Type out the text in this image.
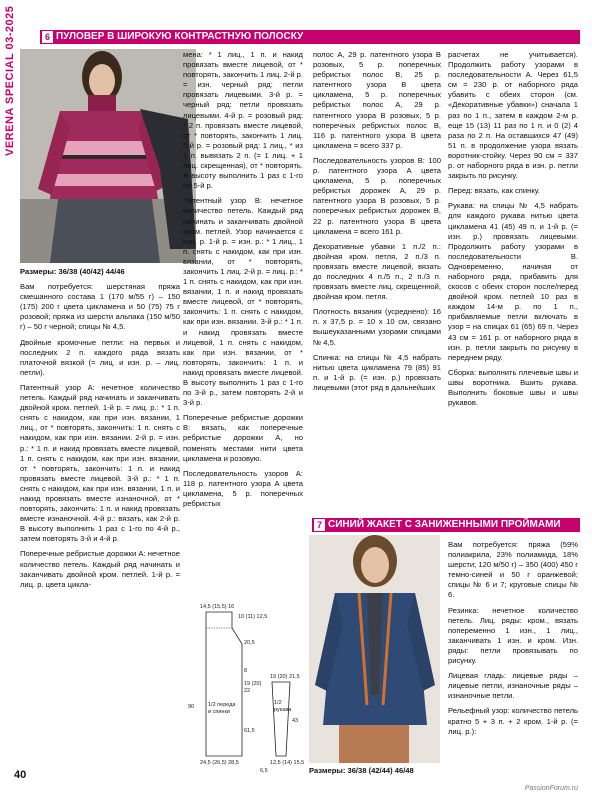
VERENA SPECIAL 03-2025	6 ПУЛОВЕР В ШИРОКУЮ КОНТРАСТНУЮ ПОЛОСКУ

Размеры: 36/38 (40/42) 44/46

Вам потребуется: шерстяная пряжа смешанного состава 1 (170 м/55 г) – 150 (175) 200 г цвета цикламена и 50 (75) 75 г розовой; пряжа из шерсти альпака (150 м/50 г) – 50 г черной; спицы № 4,5.

Двойные кромочные петли: на первых и последних 2 п. каждого ряда вязать платочной вязкой (= лиц. и изн. р. – лиц. петли).

Патентный узор А: нечетное количество петель. Каждый ряд начинать и заканчивать двойной кром. петлей. 1-й р. = лиц. р.: * 1 п. снять с накидом, как при изн. вязании, 1 лиц., от * повторять, закончить: 1 п. снять с накидом, как при изн. вязании. 2-й р. = изн. р.: * 1 п. и накид провязать вместе лицевой, 1 п. снять с накидом, как при изн. вязании, от * повторять, закончить: 1 п. и накид провязать вместе лицевой. 3-й р.: * 1 п. снять с накидом, как при изн. вязании, 1 п. и накид провязать вместе изнаночной, от * повторять, закончить: 1 п. и накид провязать вместе изнаночной. 4-й р.: вязать, как 2-й р. В высоту выполнить 1 раз с 1-го по 4-й р., затем повторять 3-й и 4-й р.

Поперечные ребристые дорожки А: нечетное количество петель. Каждый ряд начинать и заканчивать двойной кром. петлей. 1-й р. = лиц. р. цвета цикла-

мена: * 1 лиц., 1 п. и накид провязать вместе лицевой, от * повторять, закончить 1 лиц. 2-й р. = изн. черный ряд: петли провязать лицевыми. 3-й р. = черный ряд: петли провязать лицевыми. 4-й р. = розовый ряд: * 2 п. провязать вместе лицевой, от * повторять, закончить 1 лиц. 5-й р. = розовый ряд: 1 лиц., * из 1 п. вывязать 2 п. (= 1 лиц. + 1 лиц. скрещенная), от * повторять. В высоту выполнить 1 раз с 1-го по 5-й р.

Патентный узор В: нечетное количество петель. Каждый ряд начинать и заканчивать двойной кром. петлей. Узор начинается с изн. р. 1-й р. = изн. р.: * 1 лиц., 1 п. снять с накидом, как при изн. вязании, от * повторять, закончить 1 лиц. 2-й р. = лиц. р.: * 1 п. снять с накидом, как при изн. вязании, 1 п. и накид провязать вместе лицевой, от * повторять, закончить: 1 п. снять с накидом, как при изн. вязании. 3-й р.: * 1 п. и накид провязать вместе лицевой, 1 п. снять с накидом, как при изн. вязании, от * повторять, закончить: 1 п. и накид провязать вместе лицевой. В высоту выполнить 1 раз с 1-го по 3-й р., затем повторять 2-й и 3-й р.

Поперечные ребристые дорожки В: вязать, как поперечные ребристые дорожки А, но поменять местами нити цвета цикламена и розовую.

Последовательность узоров А: 118 р. патентного узора А цвета цикламена, 5 р. поперечных ребристых

14,5 (15,5) 16
10 (11) 12,5
20,5
8
90	1/2 переда и спинки
19 (20) 22
61,5
24,5 (26,5) 28,5
1/2 рукава
19 (20) 21,5
43
12,5 (14) 15,5
6,5

полос А, 29 р. патентного узора В розовых, 5 р. поперечных ребристых полос В, 25 р. патентного узора В цвета цикламена, 5 р. поперечных ребристых полос А, 29 р. патентного узора В розовых, 5 р. поперечных ребристых полос В, 116 р. патентного узора В цвета цикламена = всего 337 р.

Последовательность узоров В: 100 р. патентного узора А цвета цикламена, 5 р. поперечных ребристых дорожек А, 29 р. патентного узора В розовых, 5 р. поперечных ребристых дорожек В, 22 р. патентного узора В цвета цикламена = всего 161 р.

Декоративные убавки 1 п./2 п.: двойная кром. петля, 2 п./3 п. провязать вместе лицевой, вязать до последних 4 п./5 п., 2 п./3 п. провязать вместе лиц. скрещенной, двойная кром. петля.

Плотность вязания (усреднено): 16 п. x 37,5 р. = 10 x 10 см, связано вышеуказанными узорами спицами № 4,5.

Спинка: на спицы № 4,5 набрать нитью цвета цикламена 79 (85) 91 п. и 1-й р. (= изн. р.) провязать лицевыми (этот ряд в дальнейших

расчетах не учитывается). Продолжить работу узорами в последовательности А. Через 61,5 см = 230 р. от наборного ряда убавить с обеих сторон (см. «Декоративные убавки») сначала 1 раз по 1 п., затем в каждом 2-м р. еще 15 (13) 11 раз по 1 п. и 0 (2) 4 раза по 2 п. На оставшихся 47 (49) 51 п. в продолжение узора вязать воротник-стойку. Через 90 см = 337 р. от наборного ряда в изн. р. петли закрыть по рисунку.

Перед: вязать, как спинку.

Рукава: на спицы № 4,5 набрать для каждого рукава нитью цвета цикламена 41 (45) 49 п. и 1-й р. (= изн. р.) провязать лицевыми. Продолжить работу узорами в последовательности В. Одновременно, начиная от наборного ряда, прибавить для скосов с обеих сторон после/перед двойной кром. петлей 10 раз в каждом 14-м р. по 1 п., прибавляемые петли включать в узор = на спицах 61 (65) 69 п. Через 43 см = 161 р. от наборного ряда в изн. р. петли закрыть по рисунку в переднем ряду.

Сборка: выполнить плечевые швы и швы воротника. Вшить рукава. Выполнить боковые швы и швы рукавов.

7 СИНИЙ ЖАКЕТ С ЗАНИЖЕННЫМИ ПРОЙМАМИ
Размеры: 36/38 (42/44) 46/48

Вам потребуется: пряжа (59% полиакрила, 23% полиамида, 18% шерсти; 120 м/50 г) – 350 (400) 450 г темно-синей и 50 г оранжевой; спицы № 6 и 7; круговые спицы № 6.

Резинка: нечетное количество петель. Лиц. ряды: кром., вязать попеременно 1 изн., 1 лиц., заканчивать 1 изн. и кром. Изн. ряды: петли провязывать по рисунку.

Лицевая гладь: лицевые ряды – лицевые петли, изнаночные ряды – изнаночные петли.

Рельефный узор: количество петель кратно 5 + 3 п. + 2 кром. 1-й р. (= лиц. р.):

40
PassionForum.ru
